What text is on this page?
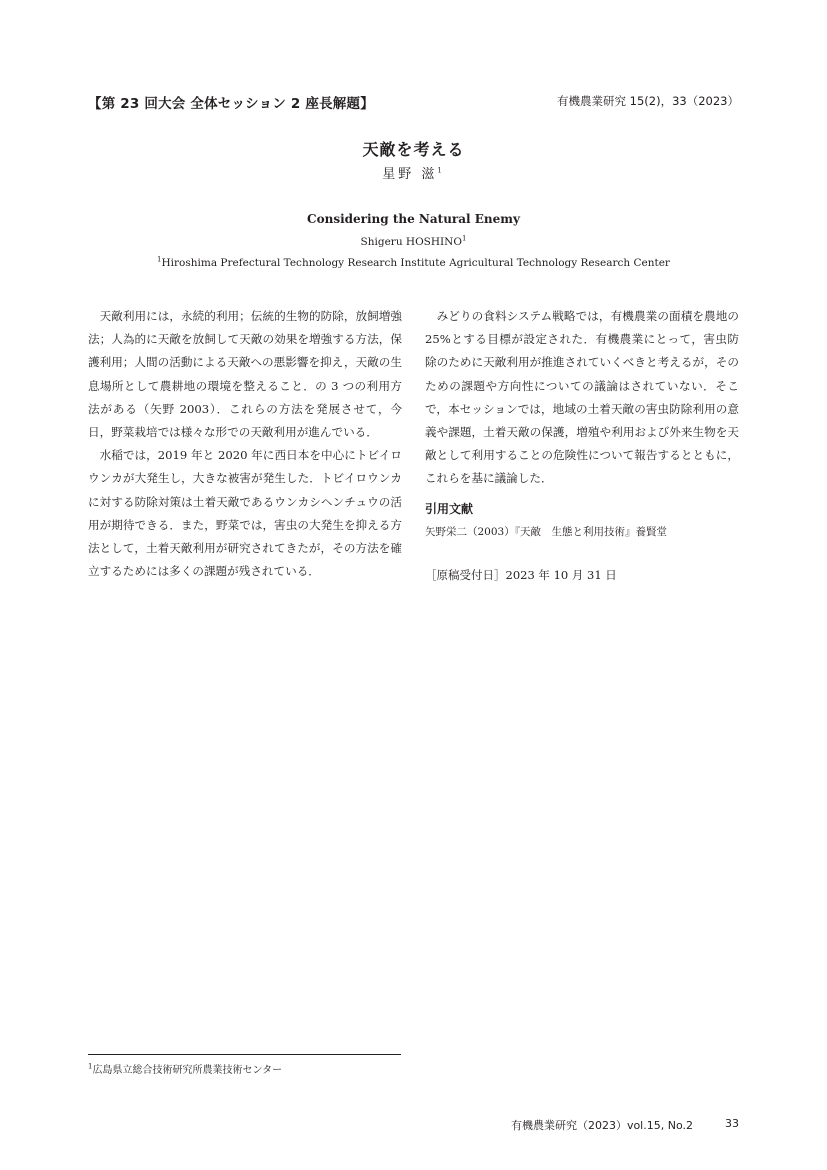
【第 23 回大会 全体セッション 2 座長解題】	有機農業研究 15(2)，33（2023）
天敵を考える
星野 滋$^1$
Considering the Natural Enemy
Shigeru HOSHINO$^1$
$^1$Hiroshima Prefectural Technology Research Institute Agricultural Technology Research Center

天敵利用には，永続的利用；伝統的生物的防除，放飼増強法；人為的に天敵を放飼して天敵の効果を増強する方法，保護利用；人間の活動による天敵への悪影響を抑え，天敵の生息場所として農耕地の環境を整えること．の 3 つの利用方法がある（矢野 2003）．これらの方法を発展させて，今日，野菜栽培では様々な形での天敵利用が進んでいる．

水稲では，2019 年と 2020 年に西日本を中心にトビイロウンカが大発生し，大きな被害が発生した．トビイロウンカに対する防除対策は土着天敵であるウンカシヘンチュウの活用が期待できる．また，野菜では，害虫の大発生を抑える方法として，土着天敵利用が研究されてきたが，その方法を確立するためには多くの課題が残されている．

みどりの食料システム戦略では，有機農業の面積を農地の 25%とする目標が設定された．有機農業にとって，害虫防除のために天敵利用が推進されていくべきと考えるが，そのための課題や方向性についての議論はされていない．そこで，本セッションでは，地域の土着天敵の害虫防除利用の意義や課題，土着天敵の保護，増殖や利用および外来生物を天敵として利用することの危険性について報告するとともに，これらを基に議論した．

引用文献
矢野栄二（2003）『天敵　生態と利用技術』養賢堂
［原稿受付日］2023 年 10 月 31 日
$^1$広島県立総合技術研究所農業技術センター
有機農業研究（2023）vol.15, No.2	33
